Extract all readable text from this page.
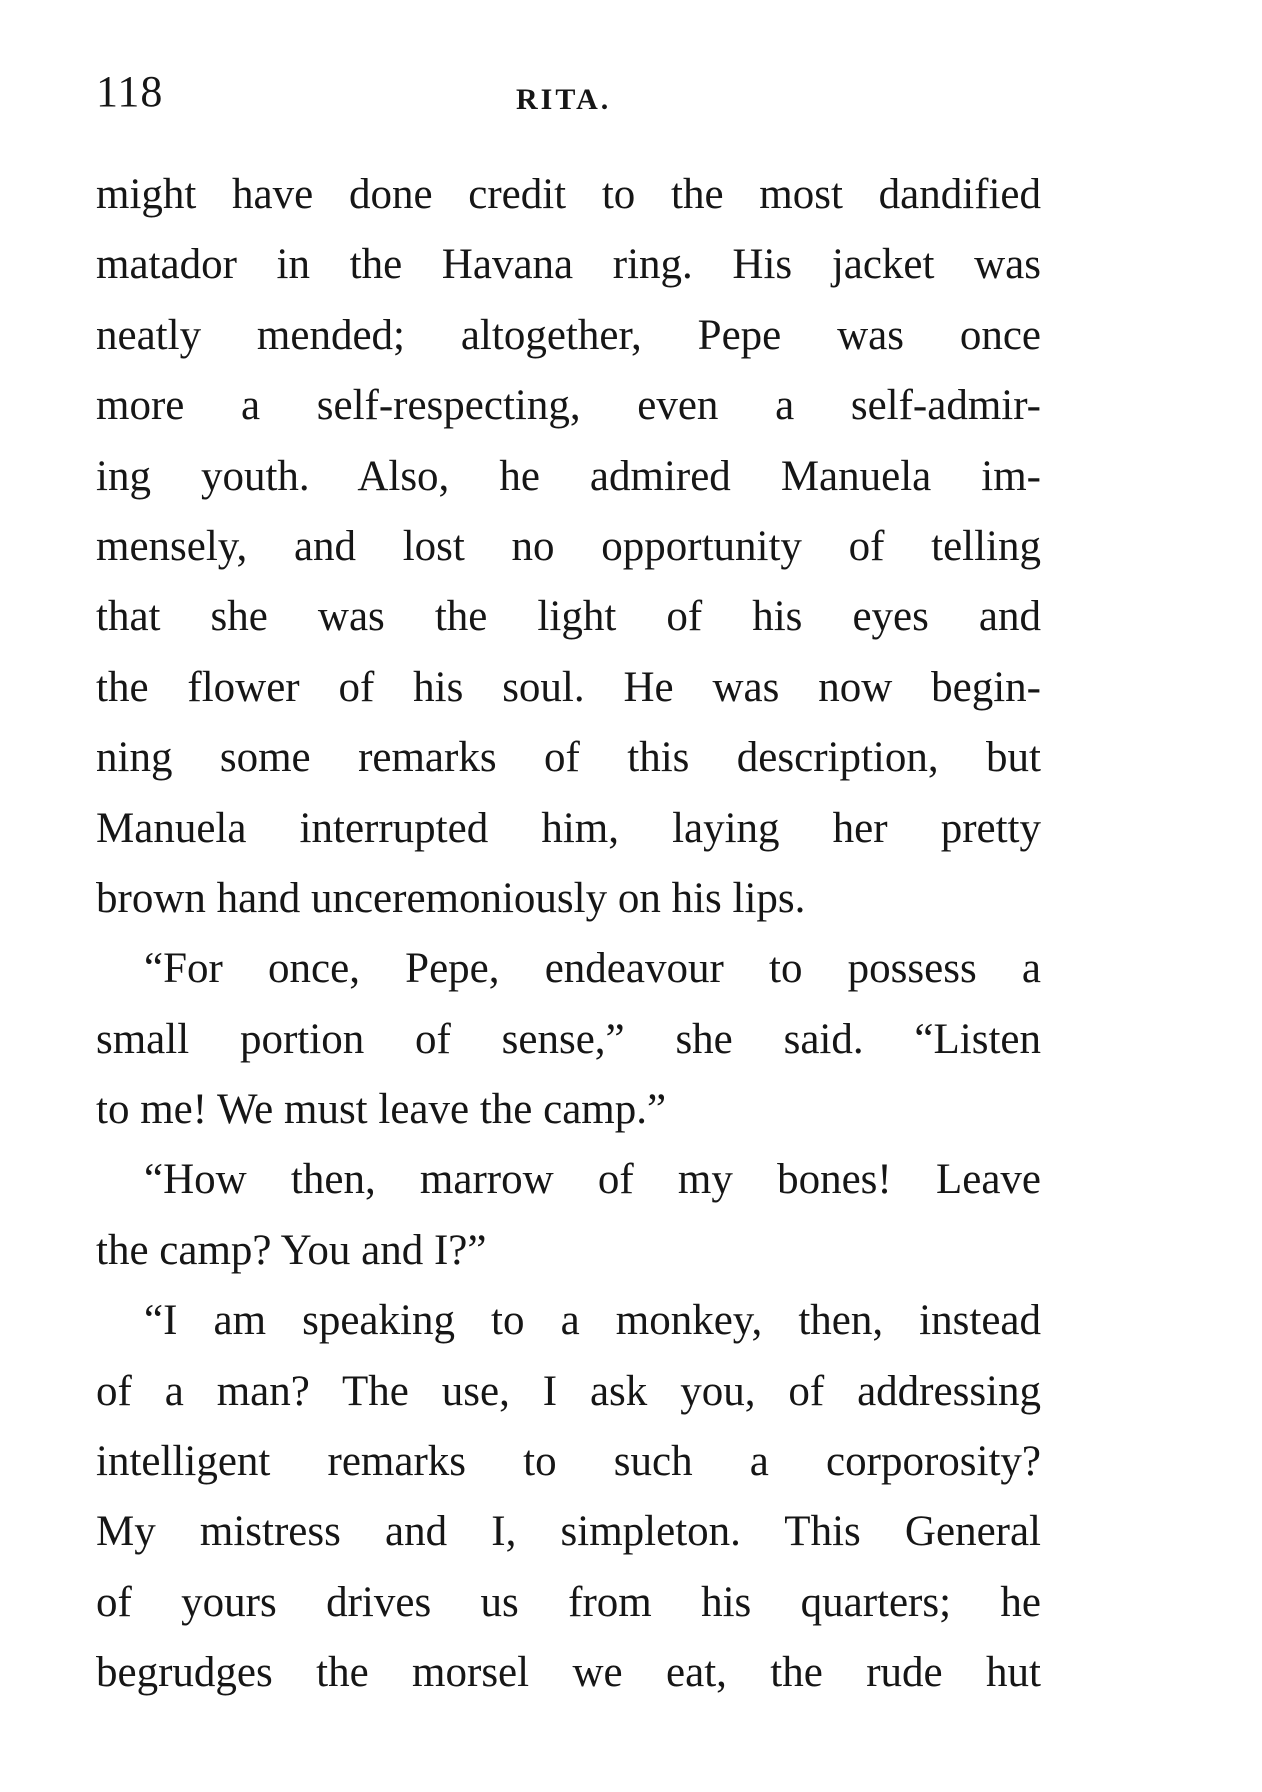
118	RITA.
might have done credit to the most dandified
matador in the Havana ring. His jacket was
neatly mended; altogether, Pepe was once
more a self-respecting, even a self-admir-
ing youth. Also, he admired Manuela im-
mensely, and lost no opportunity of telling
that she was the light of his eyes and
the flower of his soul. He was now begin-
ning some remarks of this description, but
Manuela interrupted him, laying her pretty
brown hand unceremoniously on his lips.
“For once, Pepe, endeavour to possess a
small portion of sense,” she said. “Listen
to me! We must leave the camp.”
“How then, marrow of my bones! Leave
the camp? You and I?”
“I am speaking to a monkey, then, instead
of a man? The use, I ask you, of addressing
intelligent remarks to such a corporosity?
My mistress and I, simpleton. This General
of yours drives us from his quarters; he
begrudges the morsel we eat, the rude hut
